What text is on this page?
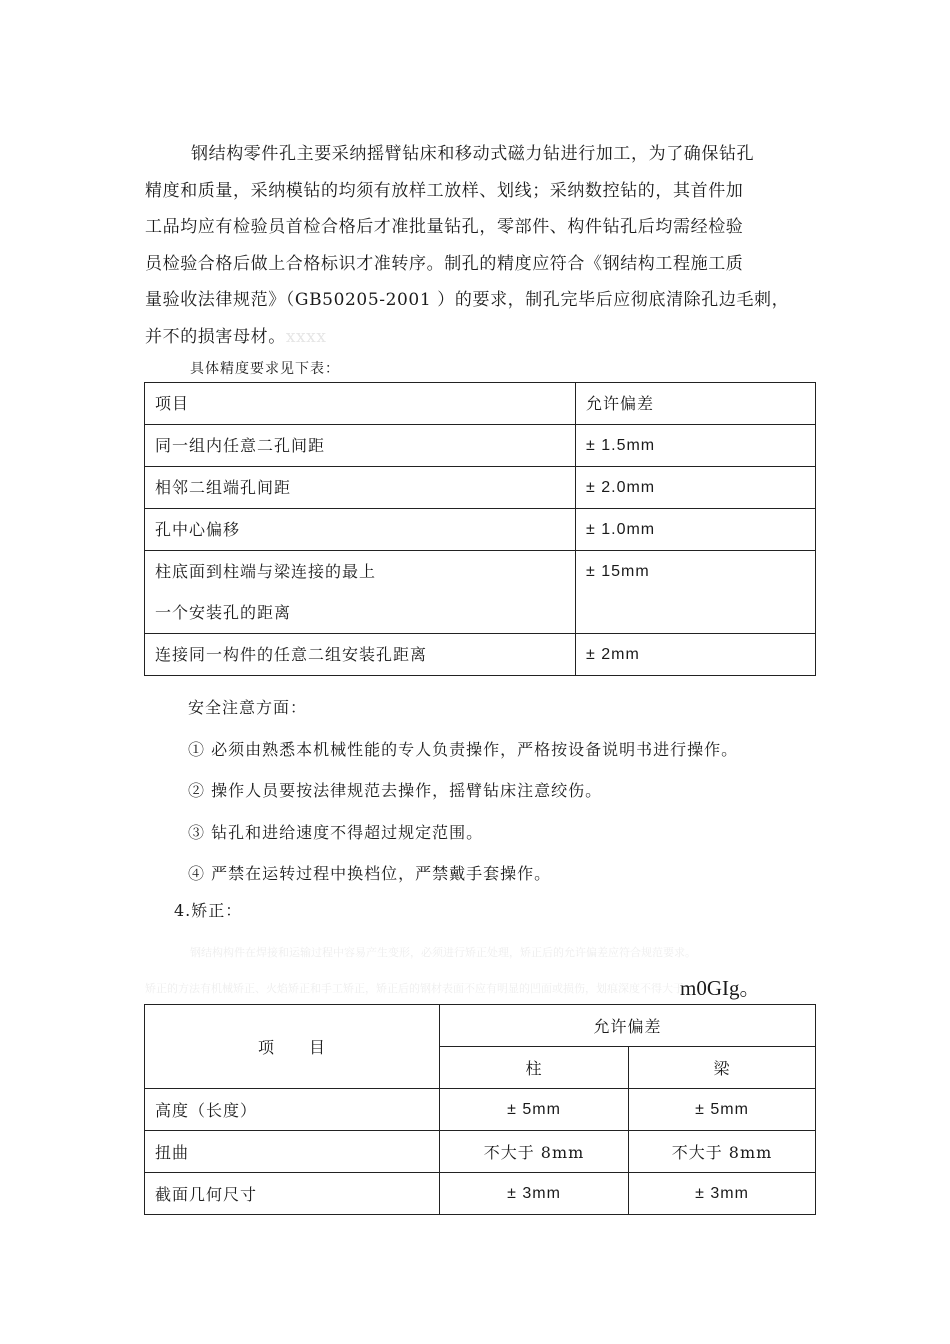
钢结构零件孔主要采纳摇臂钻床和移动式磁力钻进行加工，为了确保钻孔
精度和质量，采纳模钻的均须有放样工放样、划线；采纳数控钻的，其首件加
工品均应有检验员首检合格后才准批量钻孔，零部件、构件钻孔后均需经检验
员检验合格后做上合格标识才准转序。制孔的精度应符合《钢结构工程施工质
量验收法律规范》（GB50205-2001 ）的要求，制孔完毕后应彻底清除孔边毛刺，
并不的损害母材。xxxx
具体精度要求见下表：
项目	允许偏差
同一组内任意二孔间距	± 1.5mm
相邻二组端孔间距	± 2.0mm
孔中心偏移	± 1.0mm

柱底面到柱端与梁连接的最上
一个安装孔的距离	± 15mm
连接同一构件的任意二组安装孔距离	± 2mm
安全注意方面：
① 必须由熟悉本机械性能的专人负责操作，严格按设备说明书进行操作。
② 操作人员要按法律规范去操作，摇臂钻床注意绞伤。
③ 钻孔和进给速度不得超过规定范围。
④ 严禁在运转过程中换档位，严禁戴手套操作。
4.矫正：
钢结构构件在焊接和运输过程中容易产生变形，必须进行矫正处理，矫正后的允许偏差应符合规范要求。
矫正的方法有机械矫正、火焰矫正和手工矫正，矫正后的钢材表面不应有明显的凹面或损伤，划痕深度不得大于
m0GIg。
项　　目	允许偏差	
	柱	梁
高度（长度）	± 5mm	± 5mm
扭曲	不大于 8mm	不大于 8mm
截面几何尺寸	± 3mm	± 3mm
